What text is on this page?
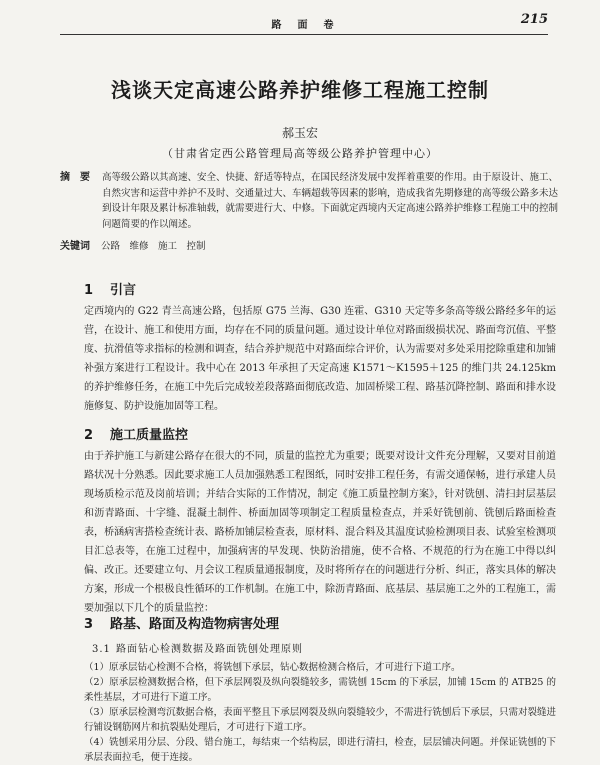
路　面　卷	215
浅谈天定高速公路养护维修工程施工控制
郝玉宏
（甘肃省定西公路管理局高等级公路养护管理中心）
摘　要 高等级公路以其高速、安全、快捷、舒适等特点，在国民经济发展中发挥着重要的作用。由于原设计、施工、自然灾害和运营中养护不及时、交通量过大、车辆超载等因素的影响，造成我省先期修建的高等级公路多未达到设计年限及累计标准轴载，就需要进行大、中修。下面就定西境内天定高速公路养护维修工程施工中的控制问题简要的作以阐述。
关键词 公路　维修　施工　控制
1 引言

定西境内的 G22 青兰高速公路，包括原 G75 兰海、G30 连霍、G310 天定等多条高等级公路经多年的运营，在设计、施工和使用方面，均存在不同的质量问题。通过设计单位对路面级损状况、路面弯沉值、平整度、抗滑值等求指标的检测和调查，结合养护规范中对路面综合评价，认为需要对多处采用挖除重建和加铺补强方案进行工程设计。我中心在 2013 年承担了天定高速 K1571～K1595＋125 的维门共 24.125km 的养护维修任务，在施工中先后完成较差段落路面彻底改造、加固桥梁工程、路基沉降控制、路面和排水设施修复、防护设施加固等工程。

2 施工质量监控

由于养护施工与新建公路存在很大的不同，质量的监控尤为重要；既要对设计文件充分理解，又要对目前道路状况十分熟悉。因此要求施工人员加强熟悉工程图纸，同时安排工程任务，有需交通保畅，进行承建人员现场质检示范及岗前培训；并结合实际的工作情况，制定《施工质量控制方案》，针对铣刨、清扫封层基层和沥青路面、十字缝、混凝土制件、桥面加固等项制定工程质量检查点，并采好铣刨前、铣刨后路面检查表，桥涵病害搭检查统计表、路桥加铺层检查表，原材料、混合料及其温度试验检测项目表、试验室检测项目汇总表等，在施工过程中，加强病害的早发现、快防治措施，使不合格、不规范的行为在施工中得以纠偏、改正。还要建立句、月会议工程质量通报制度，及时将所存在的问题进行分析、纠正，落实具体的解决方案，形成一个根极良性循环的工作机制。在施工中，除沥青路面、底基层、基层施工之外的工程施工，需要加强以下几个的质量监控：

3 路基、路面及构造物病害处理
3.1 路面钻心检测数据及路面铣刨处理原则

（1）原承层钻心检测不合格，将铣刨下承层，钻心数据检测合格后，才可进行下道工序。

（2）原承层检测数据合格，但下承层网裂及纵向裂缝较多，需铣刨 15cm 的下承层，加铺 15cm 的 ATB25 的柔性基层，才可进行下道工序。

（3）原承层检测弯沉数据合格，表面平整且下承层网裂及纵向裂缝较少，不需进行铣刨后下承层，只需对裂缝进行铺设钢筋网片和抗裂贴处理后，才可进行下道工序。

（4）铣刨采用分层、分段、错台施工，每结束一个结构层，即进行清扫，检查，层层铺决问题。并保证铣刨的下承层表面拉毛，便于连接。
